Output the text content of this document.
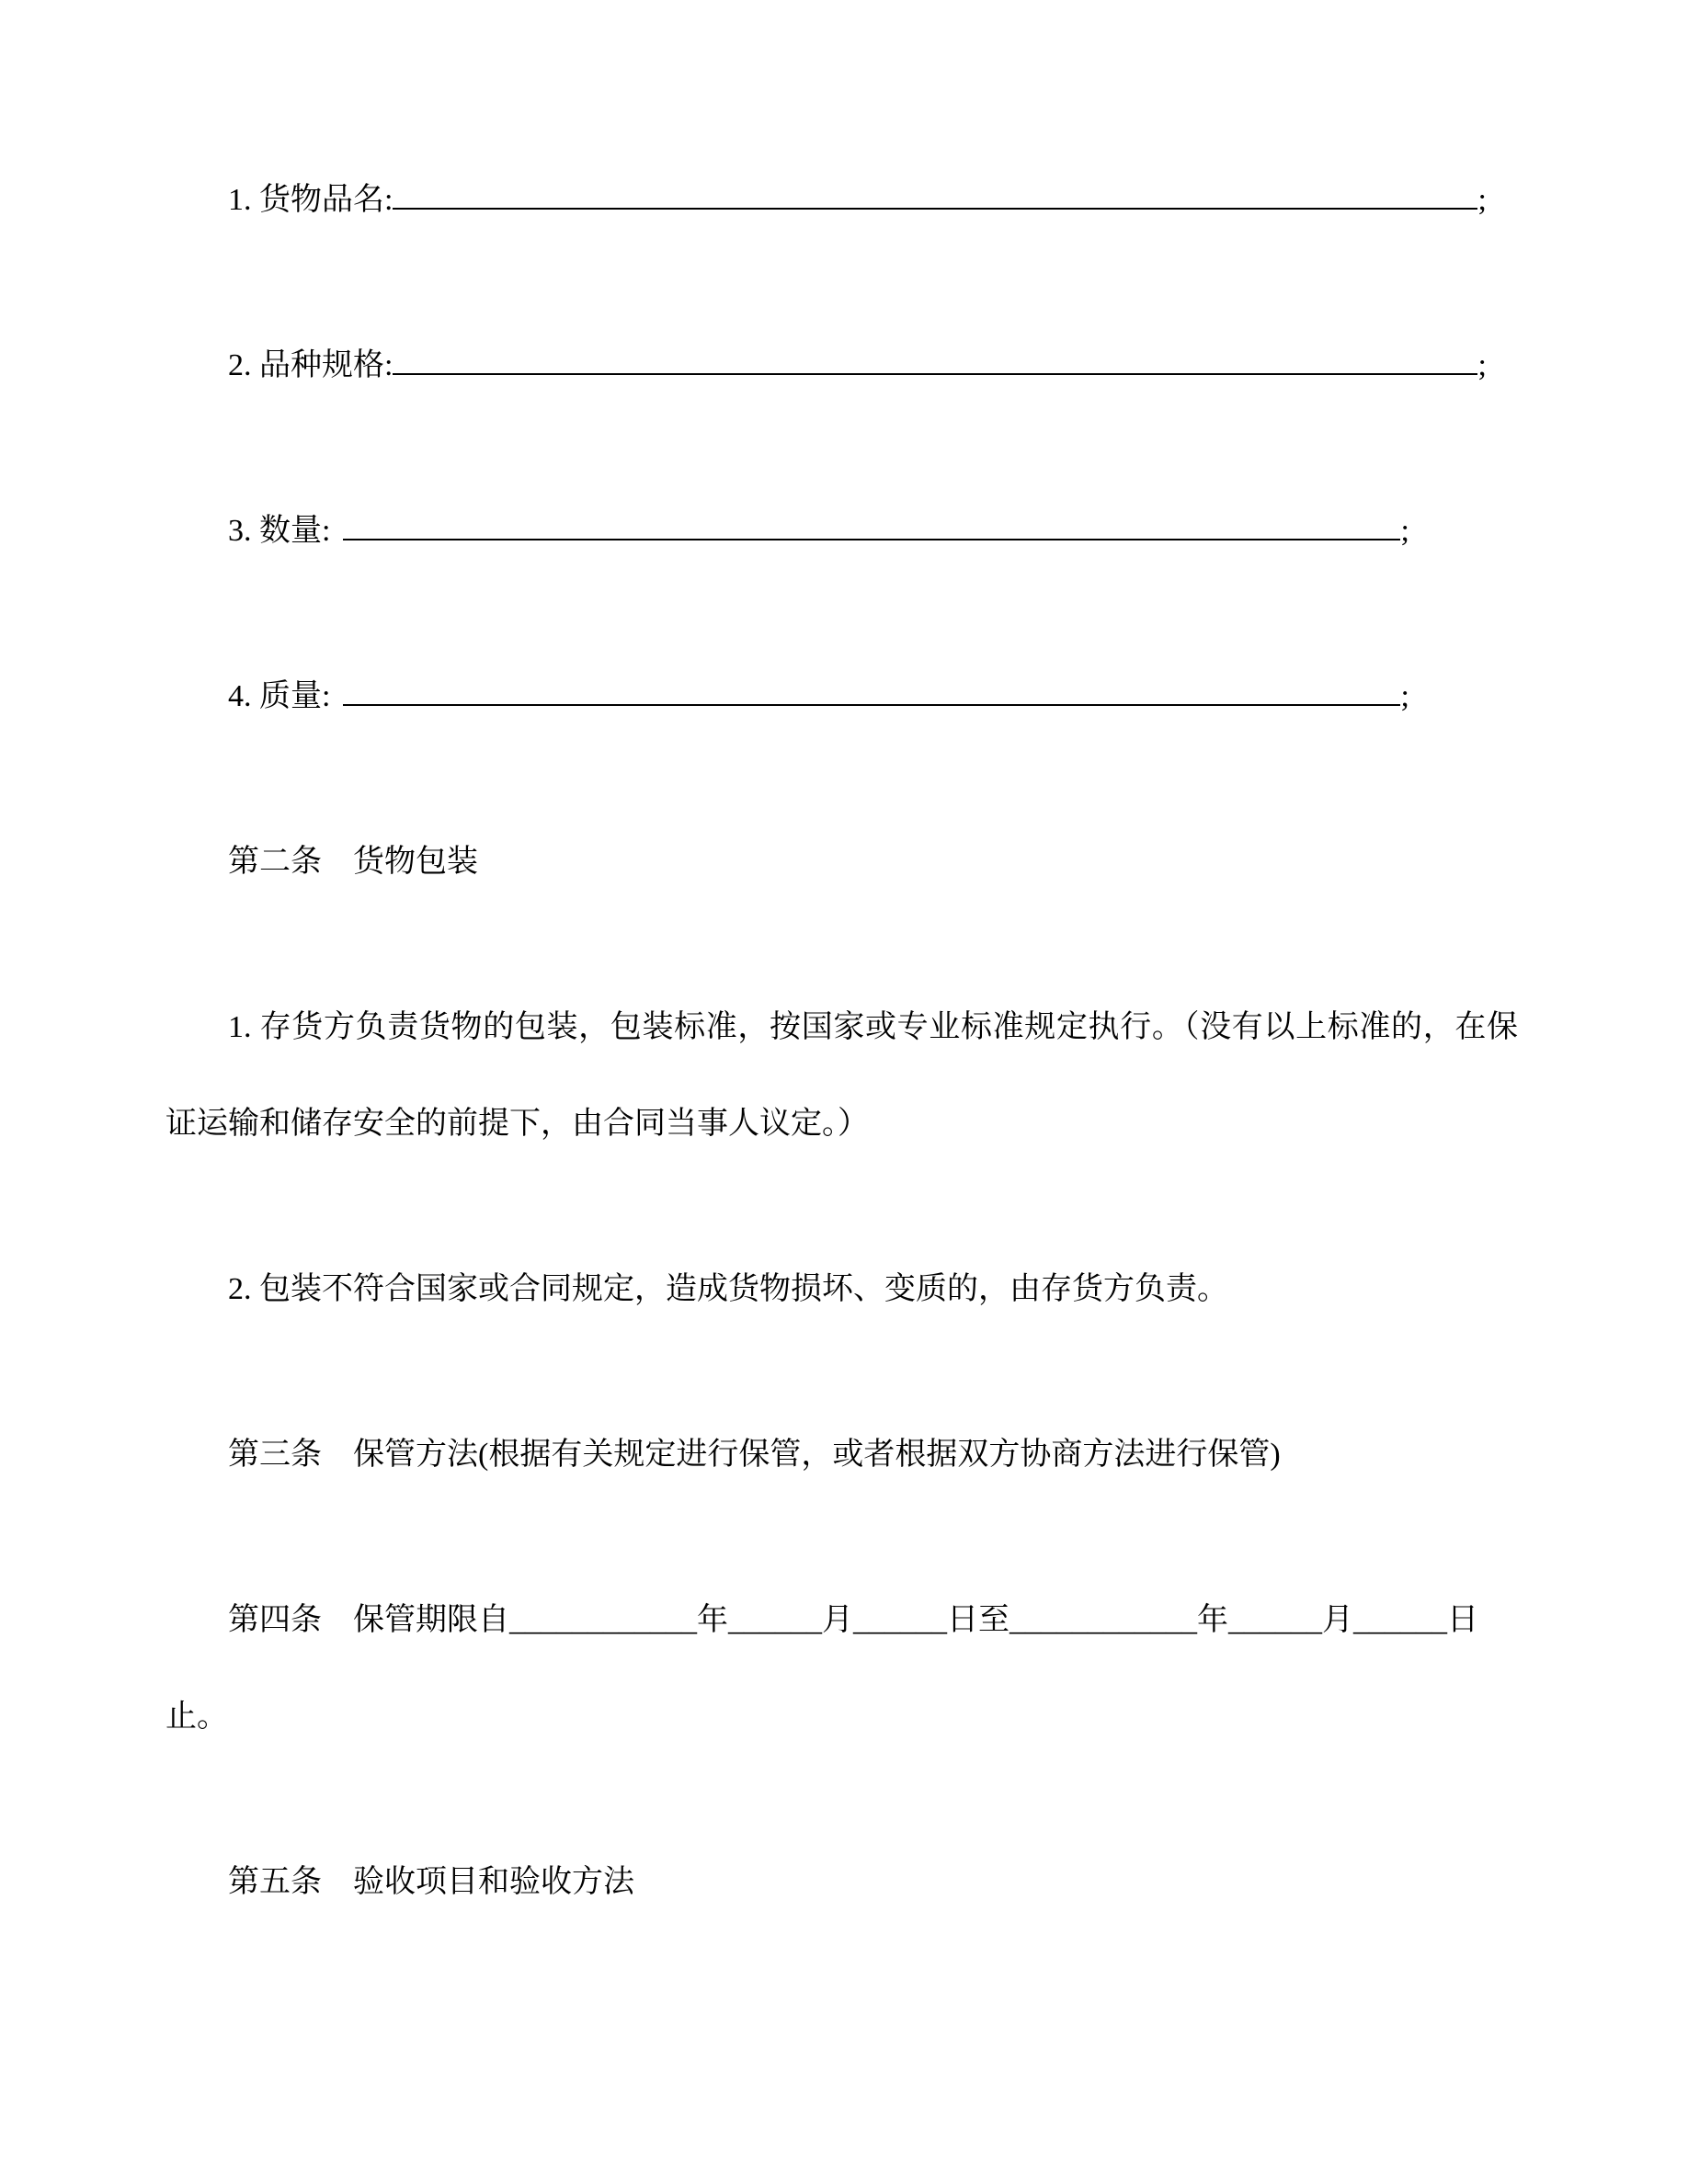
1. 货物品名:	;

2. 品种规格:	;

3. 数量:	;

4. 质量:	;

第二条　货物包装

1. 存货方负责货物的包装，包装标准，按国家或专业标准规定执行。（没有以上标准的，在保证运输和储存安全的前提下，由合同当事人议定。）

2. 包装不符合国家或合同规定，造成货物损坏、变质的，由存货方负责。

第三条　保管方法(根据有关规定进行保管，或者根据双方协商方法进行保管)

第四条　保管期限自____________年______月______日至____________年______月______日
止。

第五条　验收项目和验收方法
